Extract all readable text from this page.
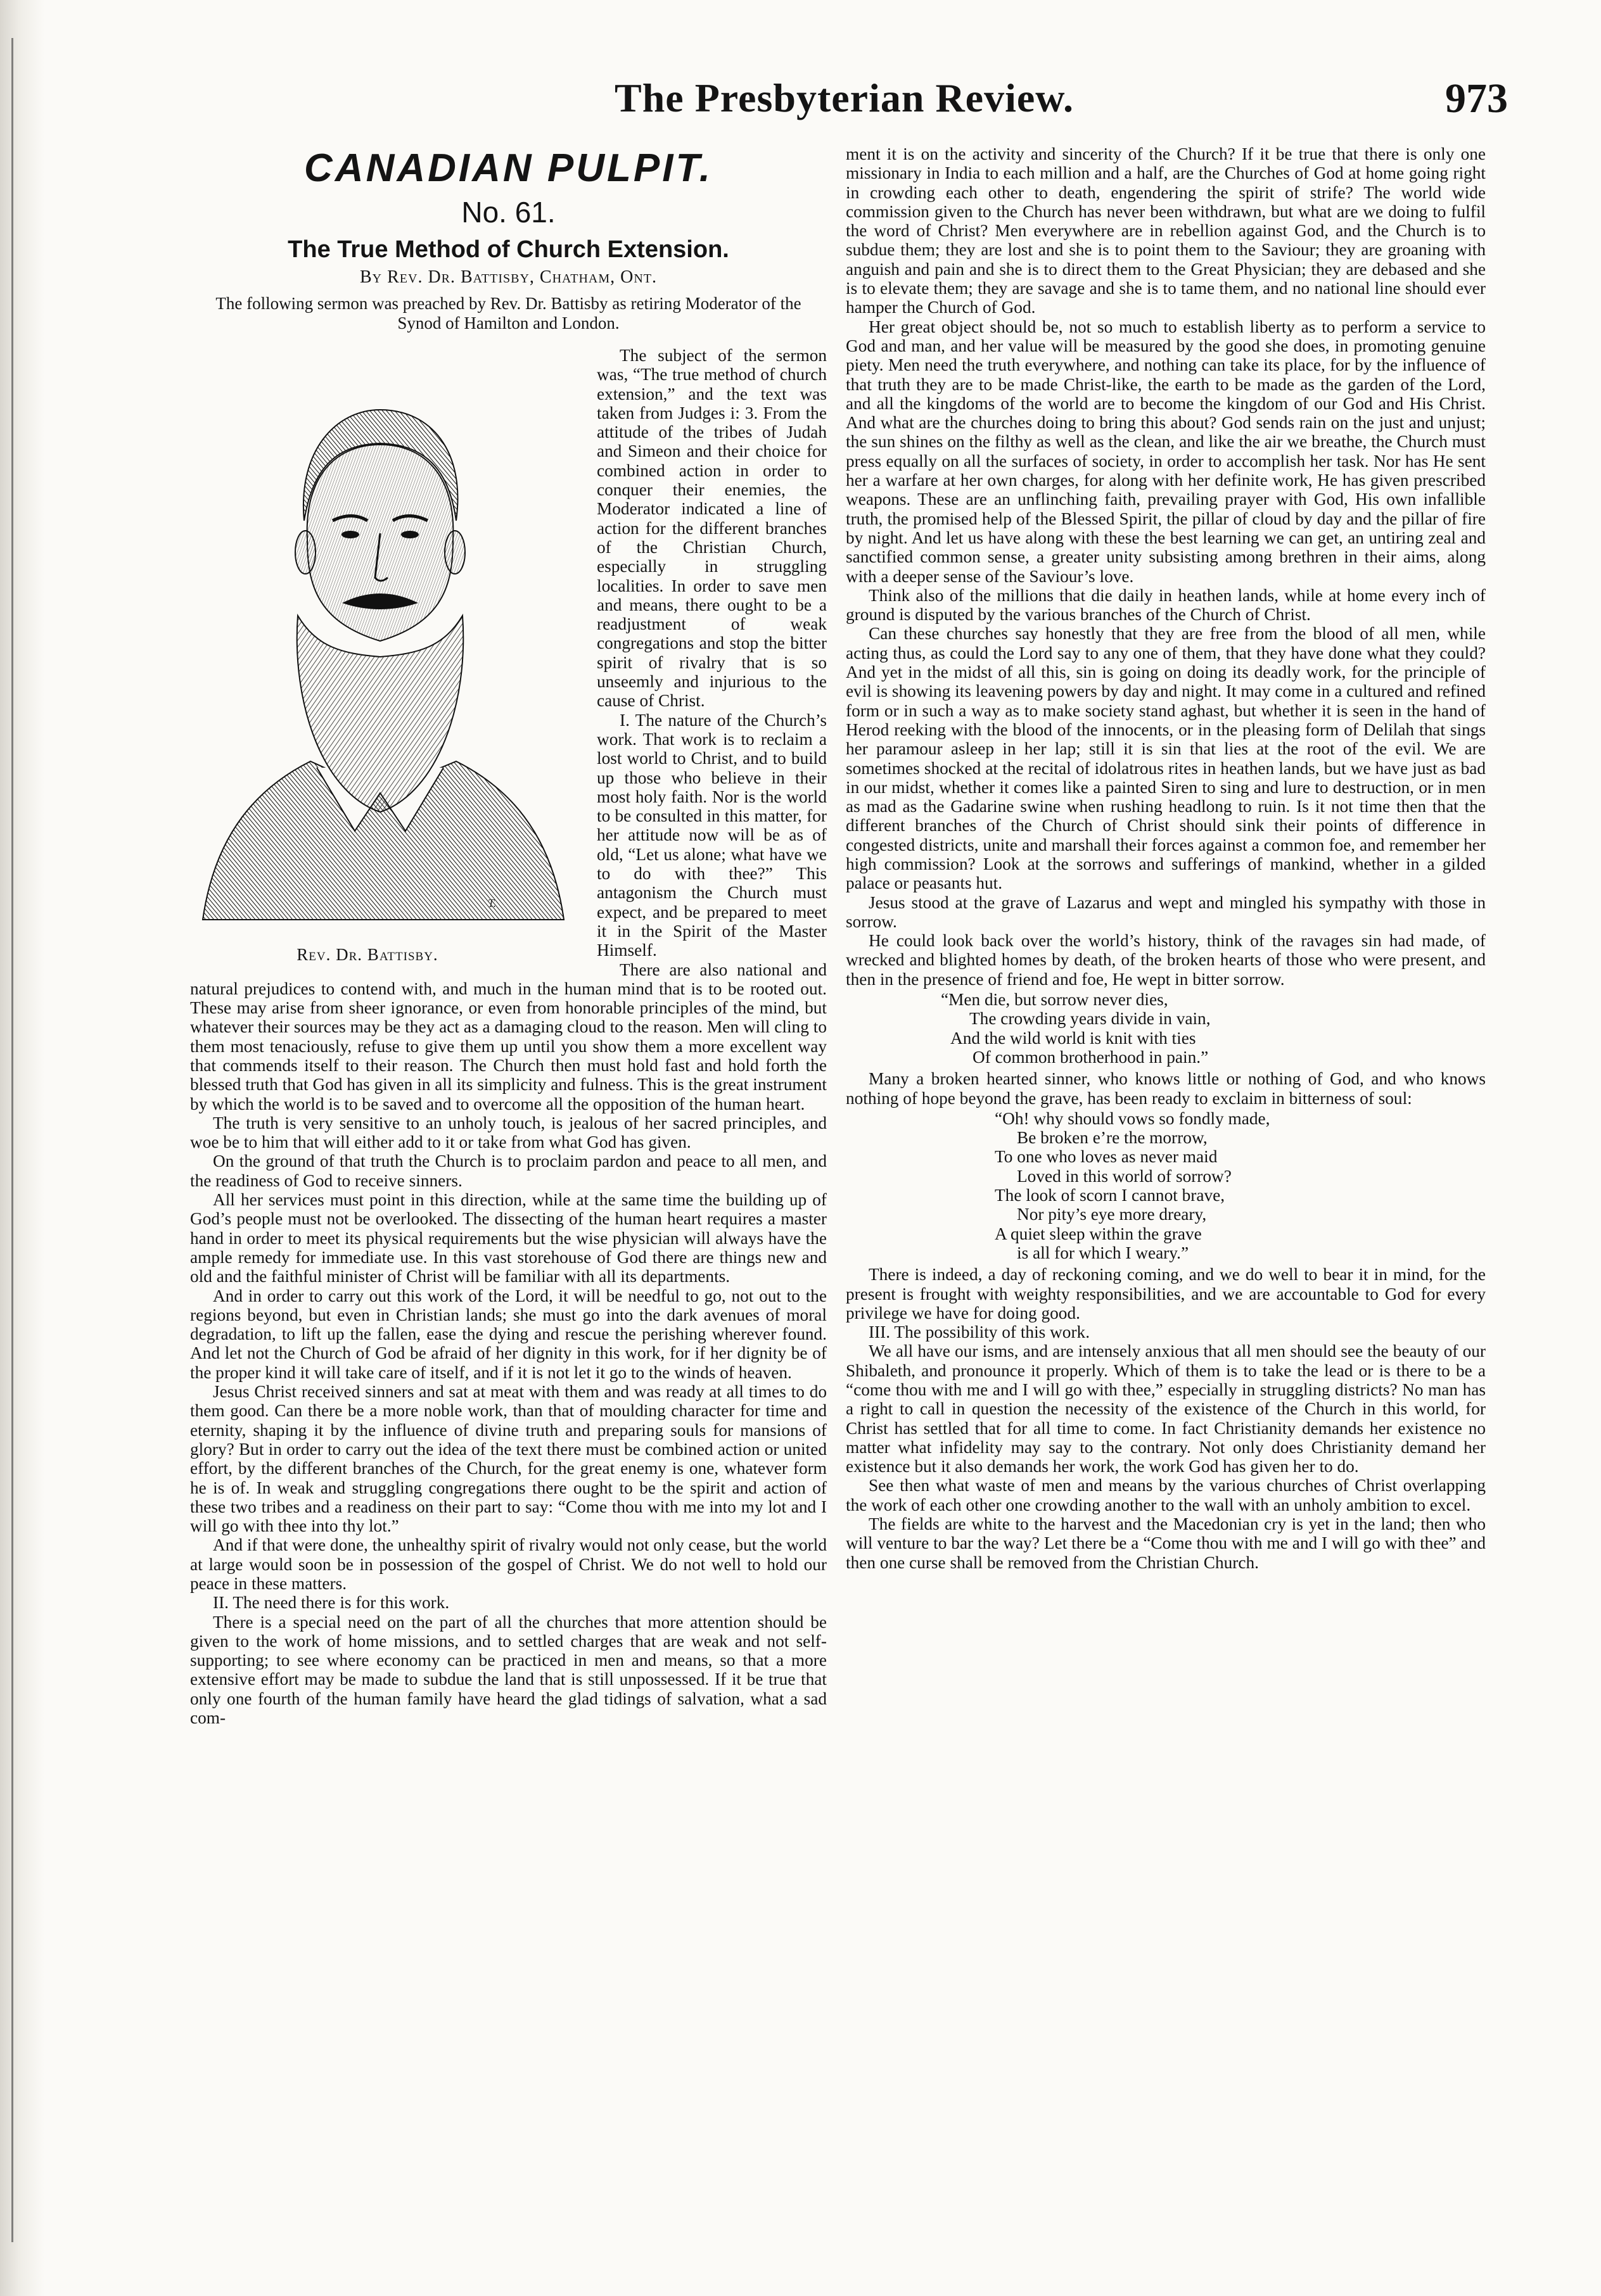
The Presbyterian Review.	973
CANADIAN PULPIT.
No. 61.
The True Method of Church Extension.
By Rev. Dr. Battisby, Chatham, Ont.
The following sermon was preached by Rev. Dr. Battisby as retiring Moderator of the Synod of Hamilton and London.
T.
Rev. Dr. Battisby.

The subject of the sermon was, “The true method of church extension,” and the text was taken from Judges i: 3. From the attitude of the tribes of Judah and Simeon and their choice for combined action in order to conquer their enemies, the Moderator indicated a line of action for the different branches of the Christian Church, especially in struggling localities. In order to save men and means, there ought to be a readjustment of weak congregations and stop the bitter spirit of rivalry that is so unseemly and injurious to the cause of Christ.

I. The nature of the Church’s work. That work is to reclaim a lost world to Christ, and to build up those who believe in their most holy faith. Nor is the world to be consulted in this matter, for her attitude now will be as of old, “Let us alone; what have we to do with thee?” This antagonism the Church must expect, and be prepared to meet it in the Spirit of the Master Himself.

There are also national and natural prejudices to contend with, and much in the human mind that is to be rooted out. These may arise from sheer ignorance, or even from honorable principles of the mind, but whatever their sources may be they act as a damaging cloud to the reason. Men will cling to them most tenaciously, refuse to give them up until you show them a more excellent way that commends itself to their reason. The Church then must hold fast and hold forth the blessed truth that God has given in all its simplicity and fulness. This is the great instrument by which the world is to be saved and to overcome all the opposition of the human heart.

The truth is very sensitive to an unholy touch, is jealous of her sacred principles, and woe be to him that will either add to it or take from what God has given.

On the ground of that truth the Church is to proclaim pardon and peace to all men, and the readiness of God to receive sinners.

All her services must point in this direction, while at the same time the building up of God’s people must not be overlooked. The dissecting of the human heart requires a master hand in order to meet its physical requirements but the wise physician will always have the ample remedy for immediate use. In this vast storehouse of God there are things new and old and the faithful minister of Christ will be familiar with all its departments.

And in order to carry out this work of the Lord, it will be needful to go, not out to the regions beyond, but even in Christian lands; she must go into the dark avenues of moral degradation, to lift up the fallen, ease the dying and rescue the perishing wherever found. And let not the Church of God be afraid of her dignity in this work, for if her dignity be of the proper kind it will take care of itself, and if it is not let it go to the winds of heaven.

Jesus Christ received sinners and sat at meat with them and was ready at all times to do them good. Can there be a more noble work, than that of moulding character for time and eternity, shaping it by the influence of divine truth and preparing souls for mansions of glory? But in order to carry out the idea of the text there must be combined action or united effort, by the different branches of the Church, for the great enemy is one, whatever form he is of. In weak and struggling congregations there ought to be the spirit and action of these two tribes and a readiness on their part to say: “Come thou with me into my lot and I will go with thee into thy lot.”

And if that were done, the unhealthy spirit of rivalry would not only cease, but the world at large would soon be in possession of the gospel of Christ. We do not well to hold our peace in these matters.

II. The need there is for this work.

There is a special need on the part of all the churches that more attention should be given to the work of home missions, and to settled charges that are weak and not self-supporting; to see where economy can be practiced in men and means, so that a more extensive effort may be made to subdue the land that is still unpossessed. If it be true that only one fourth of the human family have heard the glad tidings of salvation, what a sad com-

ment it is on the activity and sincerity of the Church? If it be true that there is only one missionary in India to each million and a half, are the Churches of God at home going right in crowding each other to death, engendering the spirit of strife? The world wide commission given to the Church has never been withdrawn, but what are we doing to fulfil the word of Christ? Men everywhere are in rebellion against God, and the Church is to subdue them; they are lost and she is to point them to the Saviour; they are groaning with anguish and pain and she is to direct them to the Great Physician; they are debased and she is to elevate them; they are savage and she is to tame them, and no national line should ever hamper the Church of God.

Her great object should be, not so much to establish liberty as to perform a service to God and man, and her value will be measured by the good she does, in promoting genuine piety. Men need the truth everywhere, and nothing can take its place, for by the influence of that truth they are to be made Christ-like, the earth to be made as the garden of the Lord, and all the kingdoms of the world are to become the kingdom of our God and His Christ. And what are the churches doing to bring this about? God sends rain on the just and unjust; the sun shines on the filthy as well as the clean, and like the air we breathe, the Church must press equally on all the surfaces of society, in order to accomplish her task. Nor has He sent her a warfare at her own charges, for along with her definite work, He has given prescribed weapons. These are an unflinching faith, prevailing prayer with God, His own infallible truth, the promised help of the Blessed Spirit, the pillar of cloud by day and the pillar of fire by night. And let us have along with these the best learning we can get, an untiring zeal and sanctified common sense, a greater unity subsisting among brethren in their aims, along with a deeper sense of the Saviour’s love.

Think also of the millions that die daily in heathen lands, while at home every inch of ground is disputed by the various branches of the Church of Christ.

Can these churches say honestly that they are free from the blood of all men, while acting thus, as could the Lord say to any one of them, that they have done what they could? And yet in the midst of all this, sin is going on doing its deadly work, for the principle of evil is showing its leavening powers by day and night. It may come in a cultured and refined form or in such a way as to make society stand aghast, but whether it is seen in the hand of Herod reeking with the blood of the innocents, or in the pleasing form of Delilah that sings her paramour asleep in her lap; still it is sin that lies at the root of the evil. We are sometimes shocked at the recital of idolatrous rites in heathen lands, but we have just as bad in our midst, whether it comes like a painted Siren to sing and lure to destruction, or in men as mad as the Gadarine swine when rushing headlong to ruin. Is it not time then that the different branches of the Church of Christ should sink their points of difference in congested districts, unite and marshall their forces against a common foe, and remember her high commission? Look at the sorrows and sufferings of mankind, whether in a gilded palace or peasants hut.

Jesus stood at the grave of Lazarus and wept and mingled his sympathy with those in sorrow.

He could look back over the world’s history, think of the ravages sin had made, of wrecked and blighted homes by death, of the broken hearts of those who were present, and then in the presence of friend and foe, He wept in bitter sorrow.

“Men die, but sorrow never dies,
The crowding years divide in vain,
And the wild world is knit with ties
Of common brotherhood in pain.”

Many a broken hearted sinner, who knows little or nothing of God, and who knows nothing of hope beyond the grave, has been ready to exclaim in bitterness of soul:

“Oh! why should vows so fondly made,
Be broken e’re the morrow,
To one who loves as never maid
Loved in this world of sorrow?
The look of scorn I cannot brave,
Nor pity’s eye more dreary,
A quiet sleep within the grave
is all for which I weary.”

There is indeed, a day of reckoning coming, and we do well to bear it in mind, for the present is frought with weighty responsibilities, and we are accountable to God for every privilege we have for doing good.

III. The possibility of this work.

We all have our isms, and are intensely anxious that all men should see the beauty of our Shibaleth, and pronounce it properly. Which of them is to take the lead or is there to be a “come thou with me and I will go with thee,” especially in struggling districts? No man has a right to call in question the necessity of the existence of the Church in this world, for Christ has settled that for all time to come. In fact Christianity demands her existence no matter what infidelity may say to the contrary. Not only does Christianity demand her existence but it also demands her work, the work God has given her to do.

See then what waste of men and means by the various churches of Christ overlapping the work of each other one crowding another to the wall with an unholy ambition to excel.

The fields are white to the harvest and the Macedonian cry is yet in the land; then who will venture to bar the way? Let there be a “Come thou with me and I will go with thee” and then one curse shall be removed from the Christian Church.
